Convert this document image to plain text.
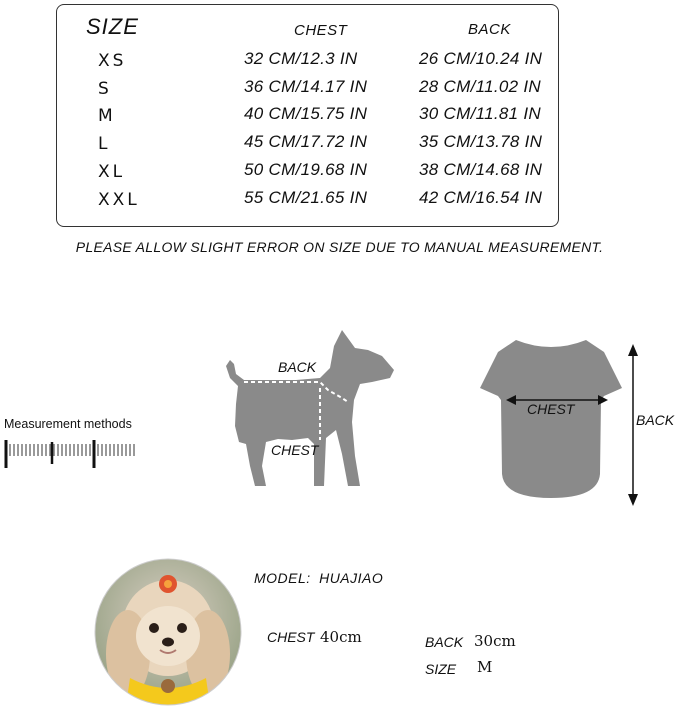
SIZE	CHEST	BACK
XS	32 CM/12.3 IN	26 CM/10.24 IN
S	36 CM/14.17 IN	28 CM/11.02 IN
M	40 CM/15.75 IN	30 CM/11.81 IN
L	45 CM/17.72 IN	35 CM/13.78 IN
XL	50 CM/19.68 IN	38 CM/14.68 IN
XXL	55 CM/21.65 IN	42 CM/16.54 IN
PLEASE ALLOW SLIGHT ERROR ON SIZE DUE TO MANUAL MEASUREMENT.
Measurement methods
BACK
CHEST
CHEST
BACK
MODEL: HUAJIAO
CHEST 40cm	BACK 30cm
SIZE M
